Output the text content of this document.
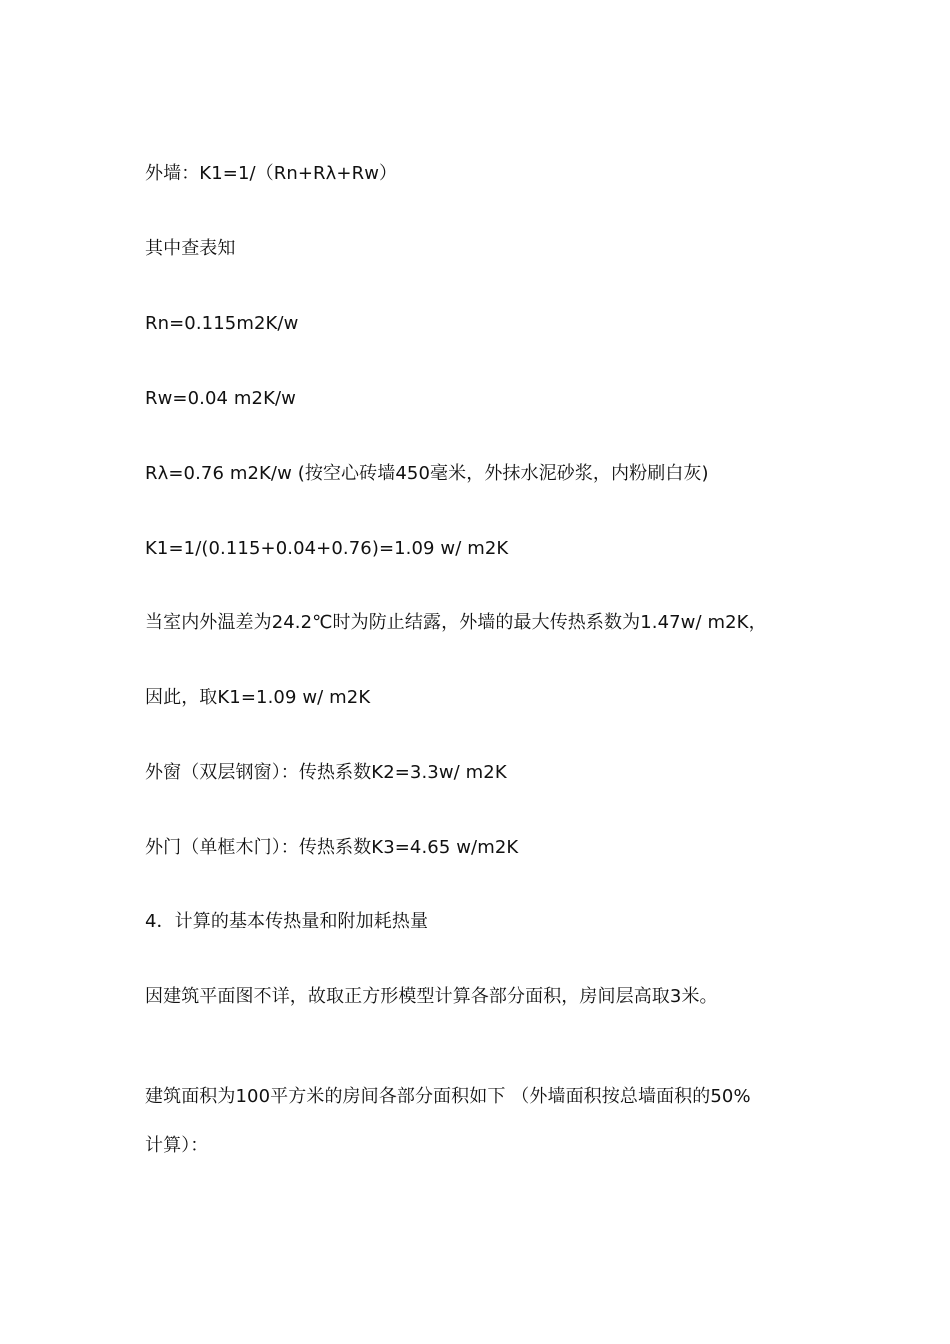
外墙：K1=1/（Rn+Rλ+Rw）
其中查表知
Rn=0.115m2K/w
Rw=0.04 m2K/w
Rλ=0.76 m2K/w (按空心砖墙450毫米，外抹水泥砂浆，内粉刷白灰)
K1=1/(0.115+0.04+0.76)=1.09 w/ m2K
当室内外温差为24.2℃时为防止结露，外墙的最大传热系数为1.47w/ m2K，
因此，取K1=1.09 w/ m2K
外窗（双层钢窗）：传热系数K2=3.3w/ m2K
外门（单框木门）：传热系数K3=4.65 w/m2K
4．计算的基本传热量和附加耗热量
因建筑平面图不详，故取正方形模型计算各部分面积，房间层高取3米。
建筑面积为100平方米的房间各部分面积如下 （外墙面积按总墙面积的50%
计算）：
